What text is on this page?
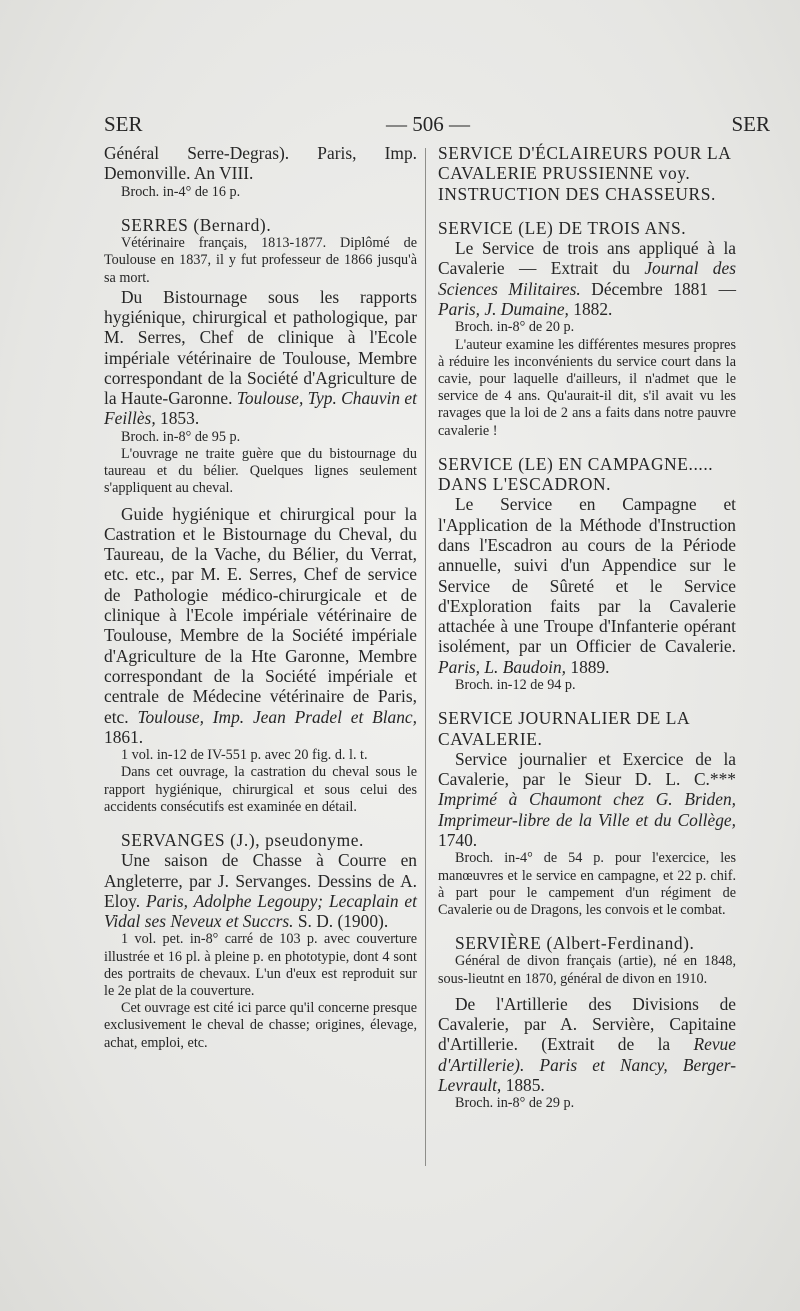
SER	— 506 —	SER

Général Serre-Degras). Paris, Imp. Demonville. An VIII.

Broch. in-4° de 16 p.

SERRES (Bernard).

Vétérinaire français, 1813-1877. Diplômé de Toulouse en 1837, il y fut professeur de 1866 jusqu'à sa mort.

Du Bistournage sous les rapports hygiénique, chirurgical et pathologique, par M. Serres, Chef de clinique à l'Ecole impériale vétérinaire de Toulouse, Membre correspondant de la Société d'Agriculture de la Haute-Garonne. Toulouse, Typ. Chauvin et Feillès, 1853.

Broch. in-8° de 95 p.

L'ouvrage ne traite guère que du bistournage du taureau et du bélier. Quelques lignes seulement s'appliquent au cheval.

Guide hygiénique et chirurgical pour la Castration et le Bistournage du Cheval, du Taureau, de la Vache, du Bélier, du Verrat, etc. etc., par M. E. Serres, Chef de service de Pathologie médico-chirurgicale et de clinique à l'Ecole impériale vétérinaire de Toulouse, Membre de la Société impériale d'Agriculture de la Hte Garonne, Membre correspondant de la Société impériale et centrale de Médecine vétérinaire de Paris, etc. Toulouse, Imp. Jean Pradel et Blanc, 1861.

1 vol. in-12 de IV-551 p. avec 20 fig. d. l. t.

Dans cet ouvrage, la castration du cheval sous le rapport hygiénique, chirurgical et sous celui des accidents consécutifs est examinée en détail.

SERVANGES (J.), pseudonyme.

Une saison de Chasse à Courre en Angleterre, par J. Servanges. Dessins de A. Eloy. Paris, Adolphe Legoupy; Lecaplain et Vidal ses Neveux et Succrs. S. D. (1900).

1 vol. pet. in-8° carré de 103 p. avec couverture illustrée et 16 pl. à pleine p. en phototypie, dont 4 sont des portraits de chevaux. L'un d'eux est reproduit sur le 2e plat de la couverture.

Cet ouvrage est cité ici parce qu'il concerne presque exclusivement le cheval de chasse; origines, élevage, achat, emploi, etc.

SERVICE D'ÉCLAIREURS POUR LA CAVALERIE PRUSSIENNE voy. INSTRUCTION DES CHASSEURS.

SERVICE (LE) DE TROIS ANS.

Le Service de trois ans appliqué à la Cavalerie — Extrait du Journal des Sciences Militaires. Décembre 1881 — Paris, J. Dumaine, 1882.

Broch. in-8° de 20 p.

L'auteur examine les différentes mesures propres à réduire les inconvénients du service court dans la cavie, pour laquelle d'ailleurs, il n'admet que le service de 4 ans. Qu'aurait-il dit, s'il avait vu les ravages que la loi de 2 ans a faits dans notre pauvre cavalerie !

SERVICE (LE) EN CAMPAGNE..... DANS L'ESCADRON.

Le Service en Campagne et l'Application de la Méthode d'Instruction dans l'Escadron au cours de la Période annuelle, suivi d'un Appendice sur le Service de Sûreté et le Service d'Exploration faits par la Cavalerie attachée à une Troupe d'Infanterie opérant isolément, par un Officier de Cavalerie. Paris, L. Baudoin, 1889.

Broch. in-12 de 94 p.

SERVICE JOURNALIER DE LA CAVALERIE.

Service journalier et Exercice de la Cavalerie, par le Sieur D. L. C.*** Imprimé à Chaumont chez G. Briden, Imprimeur-libre de la Ville et du Collège, 1740.

Broch. in-4° de 54 p. pour l'exercice, les manœuvres et le service en campagne, et 22 p. chif. à part pour le campement d'un régiment de Cavalerie ou de Dragons, les convois et le combat.

SERVIÈRE (Albert-Ferdinand).

Général de divon français (artie), né en 1848, sous-lieutnt en 1870, général de divon en 1910.

De l'Artillerie des Divisions de Cavalerie, par A. Servière, Capitaine d'Artillerie. (Extrait de la Revue d'Artillerie). Paris et Nancy, Berger-Levrault, 1885.

Broch. in-8° de 29 p.
